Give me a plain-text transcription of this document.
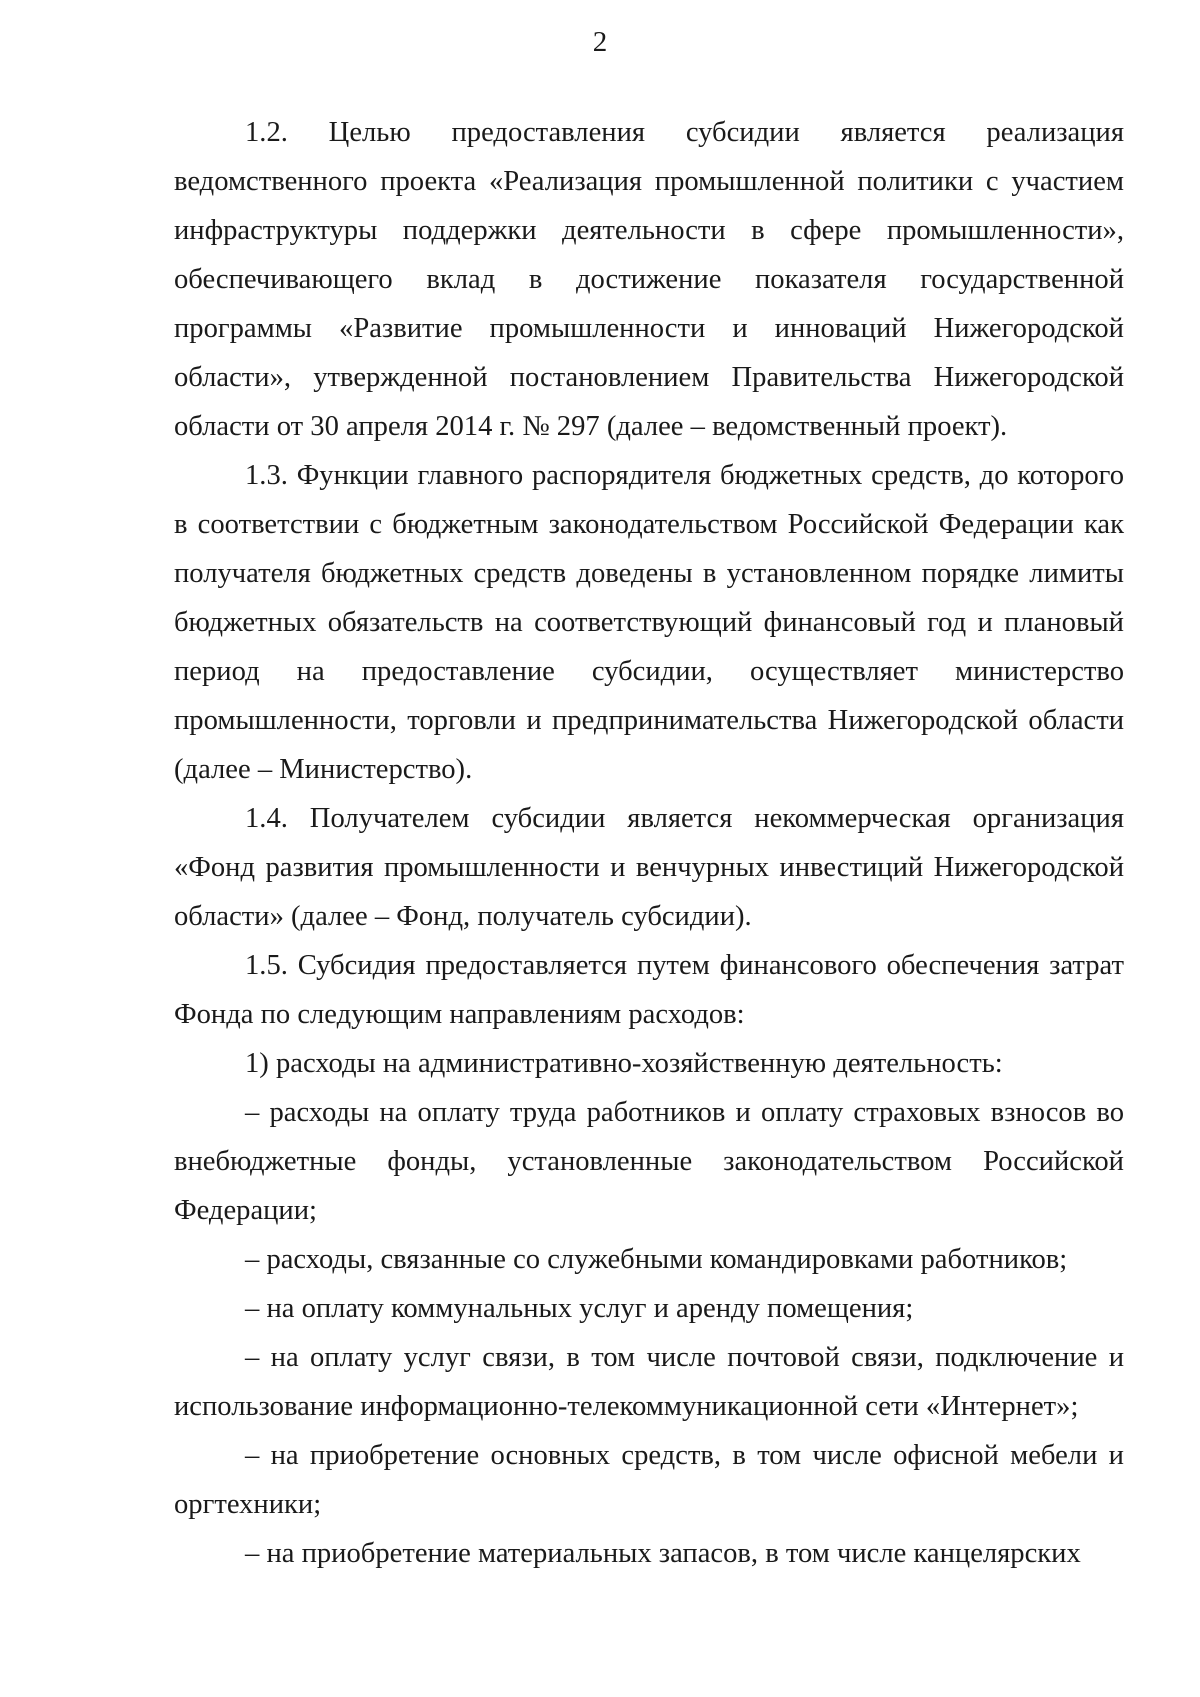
2

1.2. Целью предоставления субсидии является реализация ведомственного проекта «Реализация промышленной политики с участием инфраструктуры поддержки деятельности в сфере промышленности», обеспечивающего вклад в достижение показателя государственной программы «Развитие промышленности и инноваций Нижегородской области», утвержденной постановлением Правительства Нижегородской области от 30 апреля 2014 г. № 297 (далее – ведомственный проект).

1.3. Функции главного распорядителя бюджетных средств, до которого в соответствии с бюджетным законодательством Российской Федерации как получателя бюджетных средств доведены в установленном порядке лимиты бюджетных обязательств на соответствующий финансовый год и плановый период на предоставление субсидии, осуществляет министерство промышленности, торговли и предпринимательства Нижегородской области (далее – Министерство).

1.4. Получателем субсидии является некоммерческая организация «Фонд развития промышленности и венчурных инвестиций Нижегородской области» (далее – Фонд, получатель субсидии).

1.5. Субсидия предоставляется путем финансового обеспечения затрат Фонда по следующим направлениям расходов:

1) расходы на административно-хозяйственную деятельность:

– расходы на оплату труда работников и оплату страховых взносов во внебюджетные фонды, установленные законодательством Российской Федерации;

– расходы, связанные со служебными командировками работников;

– на оплату коммунальных услуг и аренду помещения;

– на оплату услуг связи, в том числе почтовой связи, подключение и использование информационно-телекоммуникационной сети «Интернет»;

– на приобретение основных средств, в том числе офисной мебели и оргтехники;

– на приобретение материальных запасов, в том числе канцелярских
